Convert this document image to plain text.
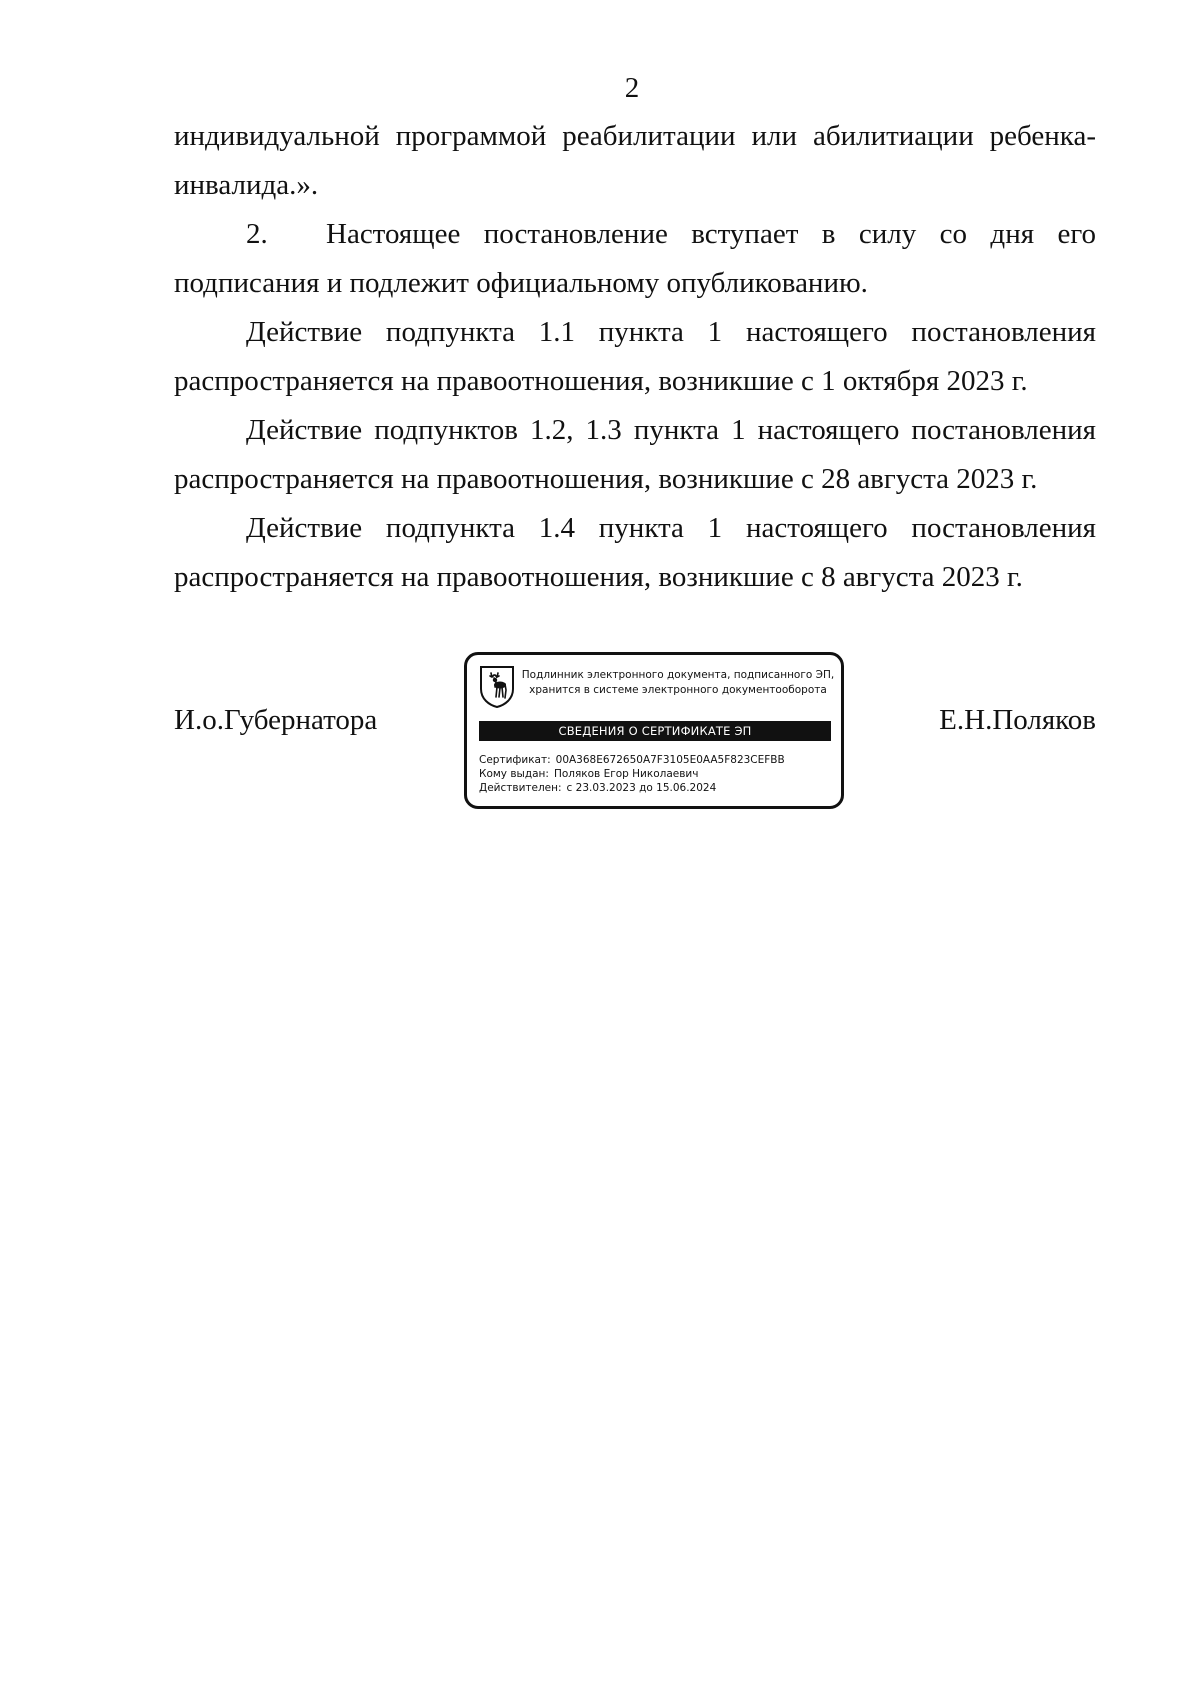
2

индивидуальной программой реабилитации или абилитиации ребенка-
инвалида.».

2. Настоящее постановление вступает в силу со дня его
подписания и подлежит официальному опубликованию.

Действие подпункта 1.1 пункта 1 настоящего постановления
распространяется на правоотношения, возникшие с 1 октября 2023 г.

Действие подпунктов 1.2, 1.3 пункта 1 настоящего постановления
распространяется на правоотношения, возникшие с 28 августа 2023 г.

Действие подпункта 1.4 пункта 1 настоящего постановления
распространяется на правоотношения, возникшие с 8 августа 2023 г.

И.о.Губернатора
Подлинник электронного документа, подписанного ЭП,
хранится в системе электронного документооборота
СВЕДЕНИЯ О СЕРТИФИКАТЕ ЭП
Сертификат: 00A368E672650A7F3105E0AA5F823CEFBB
Кому выдан: Поляков Егор Николаевич
Действителен: с 23.03.2023 до 15.06.2024
Е.Н.Поляков
